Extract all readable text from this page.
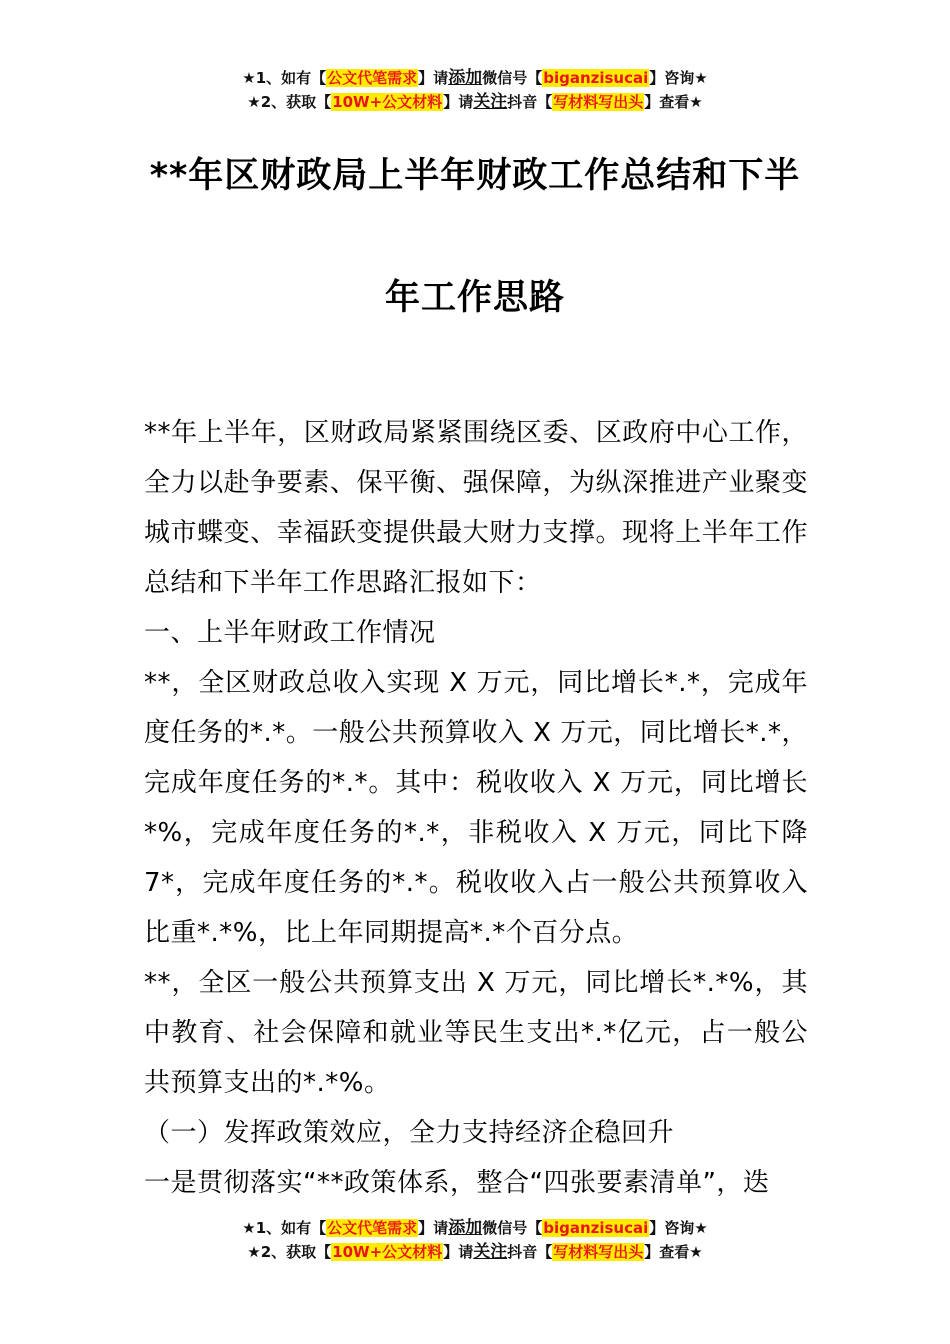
★1、如有【公文代笔需求】请添加微信号【biganzisucai】咨询★
★2、获取【10W+公文材料】请关注抖音【写材料写出头】查看★
**年区财政局上半年财政工作总结和下半
年工作思路

**年上半年，区财政局紧紧围绕区委、区政府中心工作，全力以赴争要素、保平衡、强保障，为纵深推进产业聚变城市蝶变、幸福跃变提供最大财力支撑。现将上半年工作总结和下半年工作思路汇报如下：

一、上半年财政工作情况

**，全区财政总收入实现 X 万元，同比增长*.*，完成年度任务的*.*。一般公共预算收入 X 万元，同比增长*.*，完成年度任务的*.*。其中：税收收入 X 万元，同比增长*%，完成年度任务的*.*，非税收入 X 万元，同比下降 7*，完成年度任务的*.*。税收收入占一般公共预算收入比重*.*%，比上年同期提高*.*个百分点。

**，全区一般公共预算支出 X 万元，同比增长*.*%，其中教育、社会保障和就业等民生支出*.*亿元，占一般公共预算支出的*.*%。

（一）发挥政策效应，全力支持经济企稳回升

一是贯彻落实“**政策体系，整合“四张要素清单”，迭

★1、如有【公文代笔需求】请添加微信号【biganzisucai】咨询★
★2、获取【10W+公文材料】请关注抖音【写材料写出头】查看★
